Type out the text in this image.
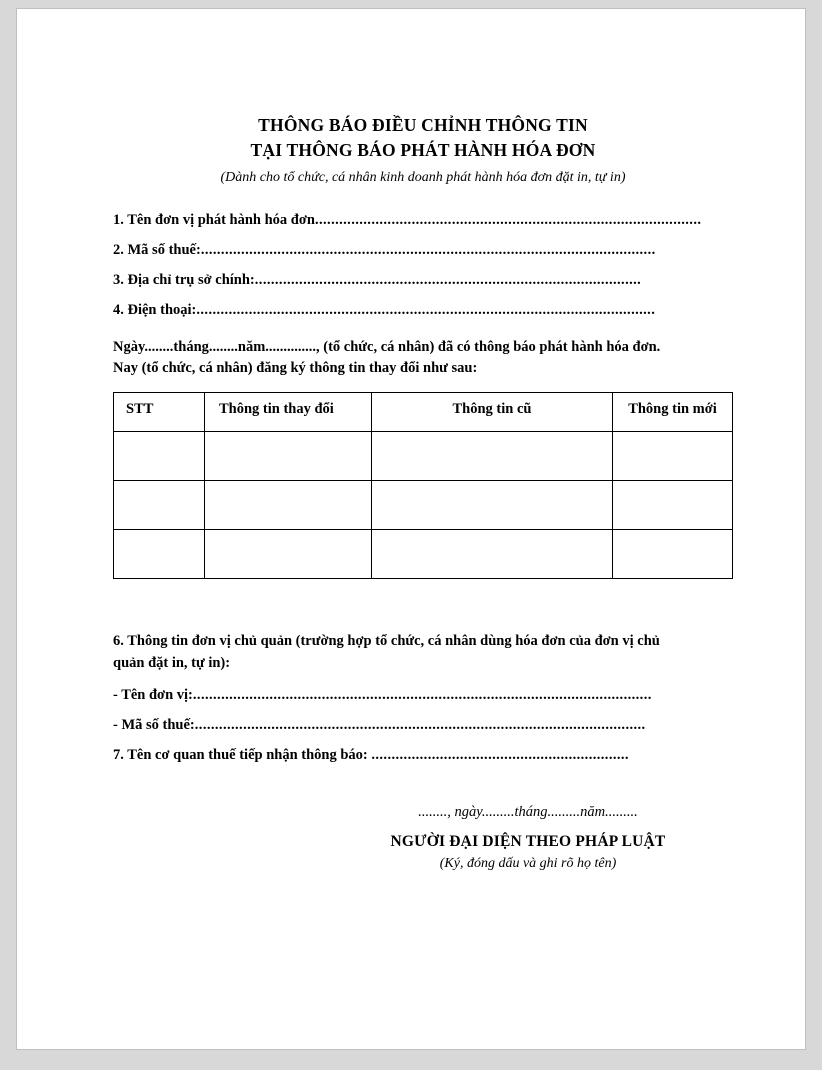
THÔNG BÁO ĐIỀU CHỈNH THÔNG TIN
TẠI THÔNG BÁO PHÁT HÀNH HÓA ĐƠN
(Dành cho tổ chức, cá nhân kinh doanh phát hành hóa đơn đặt in, tự in)
1. Tên đơn vị phát hành hóa đơn................................................................................................
2. Mã số thuế:.................................................................................................................
3. Địa chỉ trụ sở chính:................................................................................................
4. Điện thoại:..................................................................................................................
Ngày........tháng........năm.............., (tổ chức, cá nhân) đã có thông báo phát hành hóa đơn.
Nay (tổ chức, cá nhân) đăng ký thông tin thay đổi như sau:
STT	Thông tin thay đổi	Thông tin cũ	Thông tin mới

6. Thông tin đơn vị chủ quản (trường hợp tổ chức, cá nhân dùng hóa đơn của đơn vị chủ
quản đặt in, tự in):
- Tên đơn vị:..................................................................................................................
- Mã số thuế:................................................................................................................
7. Tên cơ quan thuế tiếp nhận thông báo: ................................................................
........, ngày.........tháng.........năm.........
NGƯỜI ĐẠI DIỆN THEO PHÁP LUẬT
(Ký, đóng dấu và ghi rõ họ tên)
